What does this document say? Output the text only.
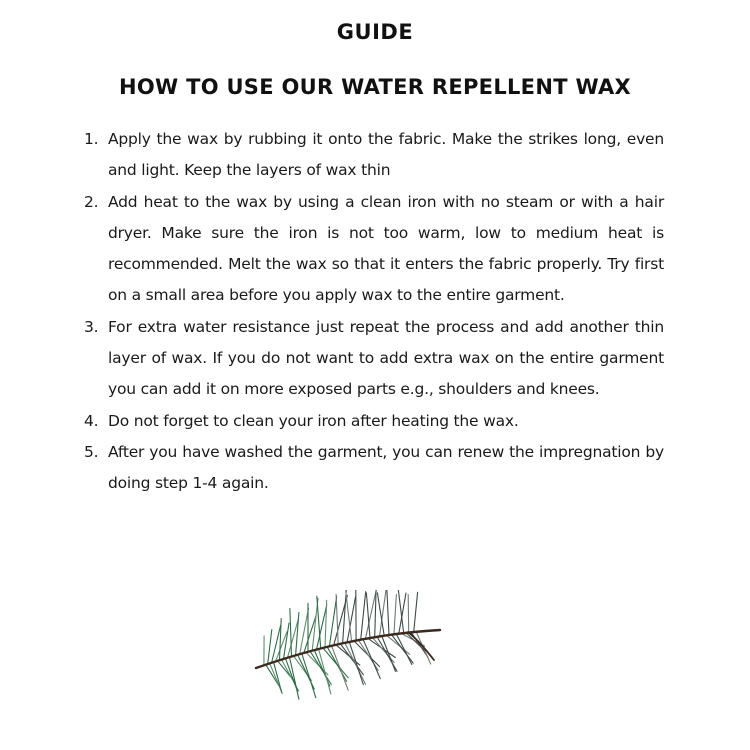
GUIDE
HOW TO USE OUR WATER REPELLENT WAX
1. Apply the wax by rubbing it onto the fabric. Make the strikes long, even and light. Keep the layers of wax thin
2. Add heat to the wax by using a clean iron with no steam or with a hair dryer. Make sure the iron is not too warm, low to medium heat is recommended. Melt the wax so that it enters the fabric properly. Try first on a small area before you apply wax to the entire garment.
3. For extra water resistance just repeat the process and add another thin layer of wax. If you do not want to add extra wax on the entire garment you can add it on more exposed parts e.g., shoulders and knees.
4. Do not forget to clean your iron after heating the wax.
5. After you have washed the garment, you can renew the impregnation by doing step 1-4 again.
